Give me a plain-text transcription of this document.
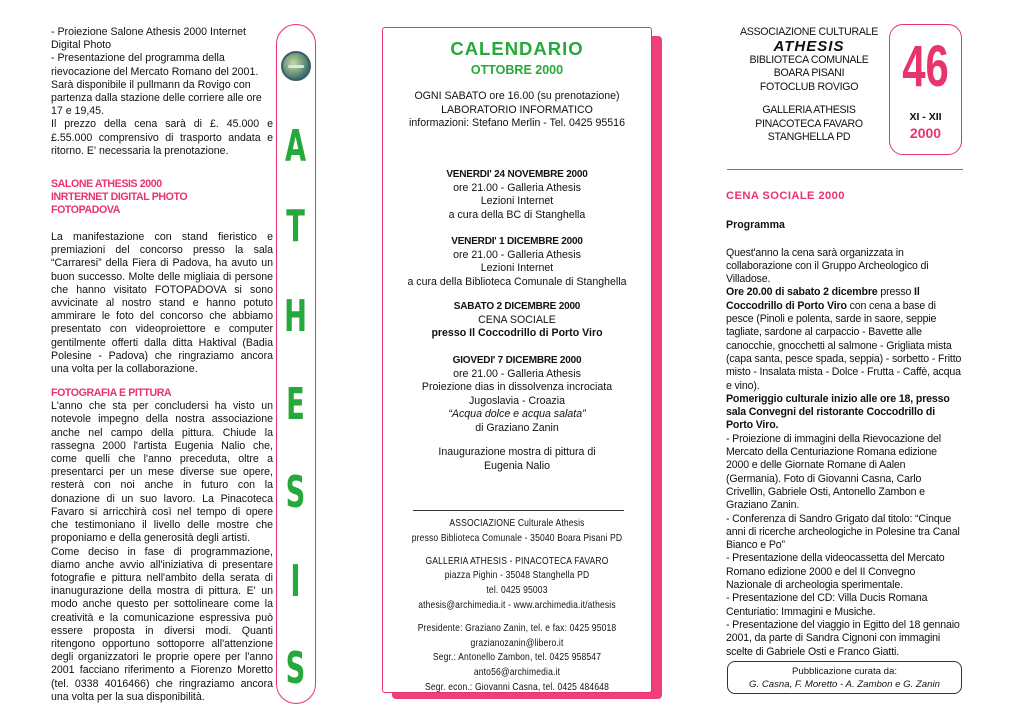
- Proiezione Salone Athesis 2000 Internet Digital Photo
- Presentazione del programma della rievocazione del Mercato Romano del 2001.
Sarà disponibile il pullmann da Rovigo con partenza dalla stazione delle corriere alle ore 17 e 19,45.
Il prezzo della cena sarà di £. 45.000 e £.55.000 comprensivo di trasporto andata e ritorno. E' necessaria la prenotazione.
SALONE ATHESIS 2000
INRTERNET DIGITAL PHOTO
FOTOPADOVA
La manifestazione con stand fieristico e premiazioni del concorso presso la sala “Carraresi” della Fiera di Padova, ha avuto un buon successo. Molte delle migliaia di persone che hanno visitato FOTOPADOVA si sono avvicinate al nostro stand e hanno potuto ammirare le foto del concorso che abbiamo presentato con videoproiettore e computer gentilmente offerti dalla ditta Haktival (Badia Polesine - Padova) che ringraziamo ancora una volta per la collaborazione.
FOTOGRAFIA E PITTURA
L'anno che sta per concludersi ha visto un notevole impegno della nostra associazione anche nel campo della pittura. Chiude la rassegna 2000 l'artista Eugenia Nalio che, come quelli che l'anno preceduta, oltre a presentarci per un mese diverse sue opere, resterà con noi anche in futuro con la donazione di un suo lavoro. La Pinacoteca Favaro si arricchirà così nel tempo di opere che testimoniano il livello delle mostre che proponiamo e della generosità degli artisti.
Come deciso in fase di programmazione, diamo anche avvio all'iniziativa di presentare fotografie e pittura nell'ambito della serata di inanugurazione della mostra di pittura. E' un modo anche questo per sottolineare come la creatività e la comunicazione espressiva può essere proposta in diversi modi. Quanti ritengono opportuno sottoporre all'attenzione degli organizzatori le proprie opere per l'anno 2001 facciano riferimento a Fiorenzo Moretto (tel. 0338 4016466) che ringraziamo ancora una volta per la sua disponibilità.
A
T
H
E
S
I
S
CALENDARIO
OTTOBRE 2000
OGNI SABATO ore 16.00 (su prenotazione)
LABORATORIO INFORMATICO
informazioni: Stefano Merlin - Tel. 0425 95516
VENERDI' 24 NOVEMBRE 2000
ore 21.00 - Galleria Athesis
Lezioni Internet
a cura della BC di Stanghella
VENERDI' 1 DICEMBRE 2000
ore 21.00 - Galleria Athesis
Lezioni Internet
a cura della Biblioteca Comunale di Stanghella
SABATO 2 DICEMBRE 2000
CENA SOCIALE
presso Il Coccodrillo di Porto Viro
GIOVEDI' 7 DICEMBRE 2000
ore 21.00 - Galleria Athesis
Proiezione dias in dissolvenza incrociata
Jugoslavia - Croazia
“Acqua dolce e acqua salata”
di Graziano Zanin
Inaugurazione mostra di pittura di
Eugenia Nalio
ASSOCIAZIONE Culturale Athesis
presso Biblioteca Comunale - 35040 Boara Pisani PD
GALLERIA ATHESIS - PINACOTECA FAVARO
piazza Pighin - 35048 Stanghella PD
tel. 0425 95003
athesis@archimedia.it - www.archimedia.it/athesis
Presidente: Graziano Zanin, tel. e fax: 0425 95018
grazianozanin@libero.it
Segr.: Antonello Zambon, tel. 0425 958547
anto56@archimedia.it
Segr. econ.: Giovanni Casna, tel. 0425 484648
ASSOCIAZIONE CULTURALE
ATHESIS
BIBLIOTECA COMUNALE
BOARA PISANI
FOTOCLUB ROVIGO
GALLERIA ATHESIS
PINACOTECA FAVARO
STANGHELLA PD
46
XI - XII
2000
CENA SOCIALE 2000
Programma

Quest'anno la cena sarà organizzata in collaborazione con il Gruppo Archeologico di Villadose.

Ore 20.00 di sabato 2 dicembre presso Il Coccodrillo di Porto Viro con cena a base di pesce (Pinoli e polenta, sarde in saore, seppie tagliate, sardone al carpaccio - Bavette alle canocchie, gnocchetti al salmone - Grigliata mista (capa santa, pesce spada, seppia) - sorbetto - Fritto misto - Insalata mista - Dolce - Frutta - Caffè, acqua e vino).

Pomeriggio culturale inizio alle ore 18, presso sala Convegni del ristorante Coccodrillo di Porto Viro.

- Proiezione di immagini della Rievocazione del Mercato della Centuriazione Romana edizione 2000 e delle Giornate Romane di Aalen (Germania). Foto di Giovanni Casna, Carlo Crivellin, Gabriele Osti, Antonello Zambon e Graziano Zanin.

- Conferenza di Sandro Grigato dal titolo: “Cinque anni di ricerche archeologiche in Polesine tra Canal Bianco e Po”

- Presentazione della videocassetta del Mercato Romano edizione 2000 e del II Convegno Nazionale di archeologia sperimentale.

- Presentazione del CD: Villa Ducis Romana Centuriatio: Immagini e Musiche.

- Presentazione del viaggio in Egitto del 18 gennaio 2001, da parte di Sandra Cignoni con immagini scelte di Gabriele Osti e Franco Giatti.

Pubblicazione curata da:
G. Casna, F. Moretto - A. Zambon e G. Zanin
